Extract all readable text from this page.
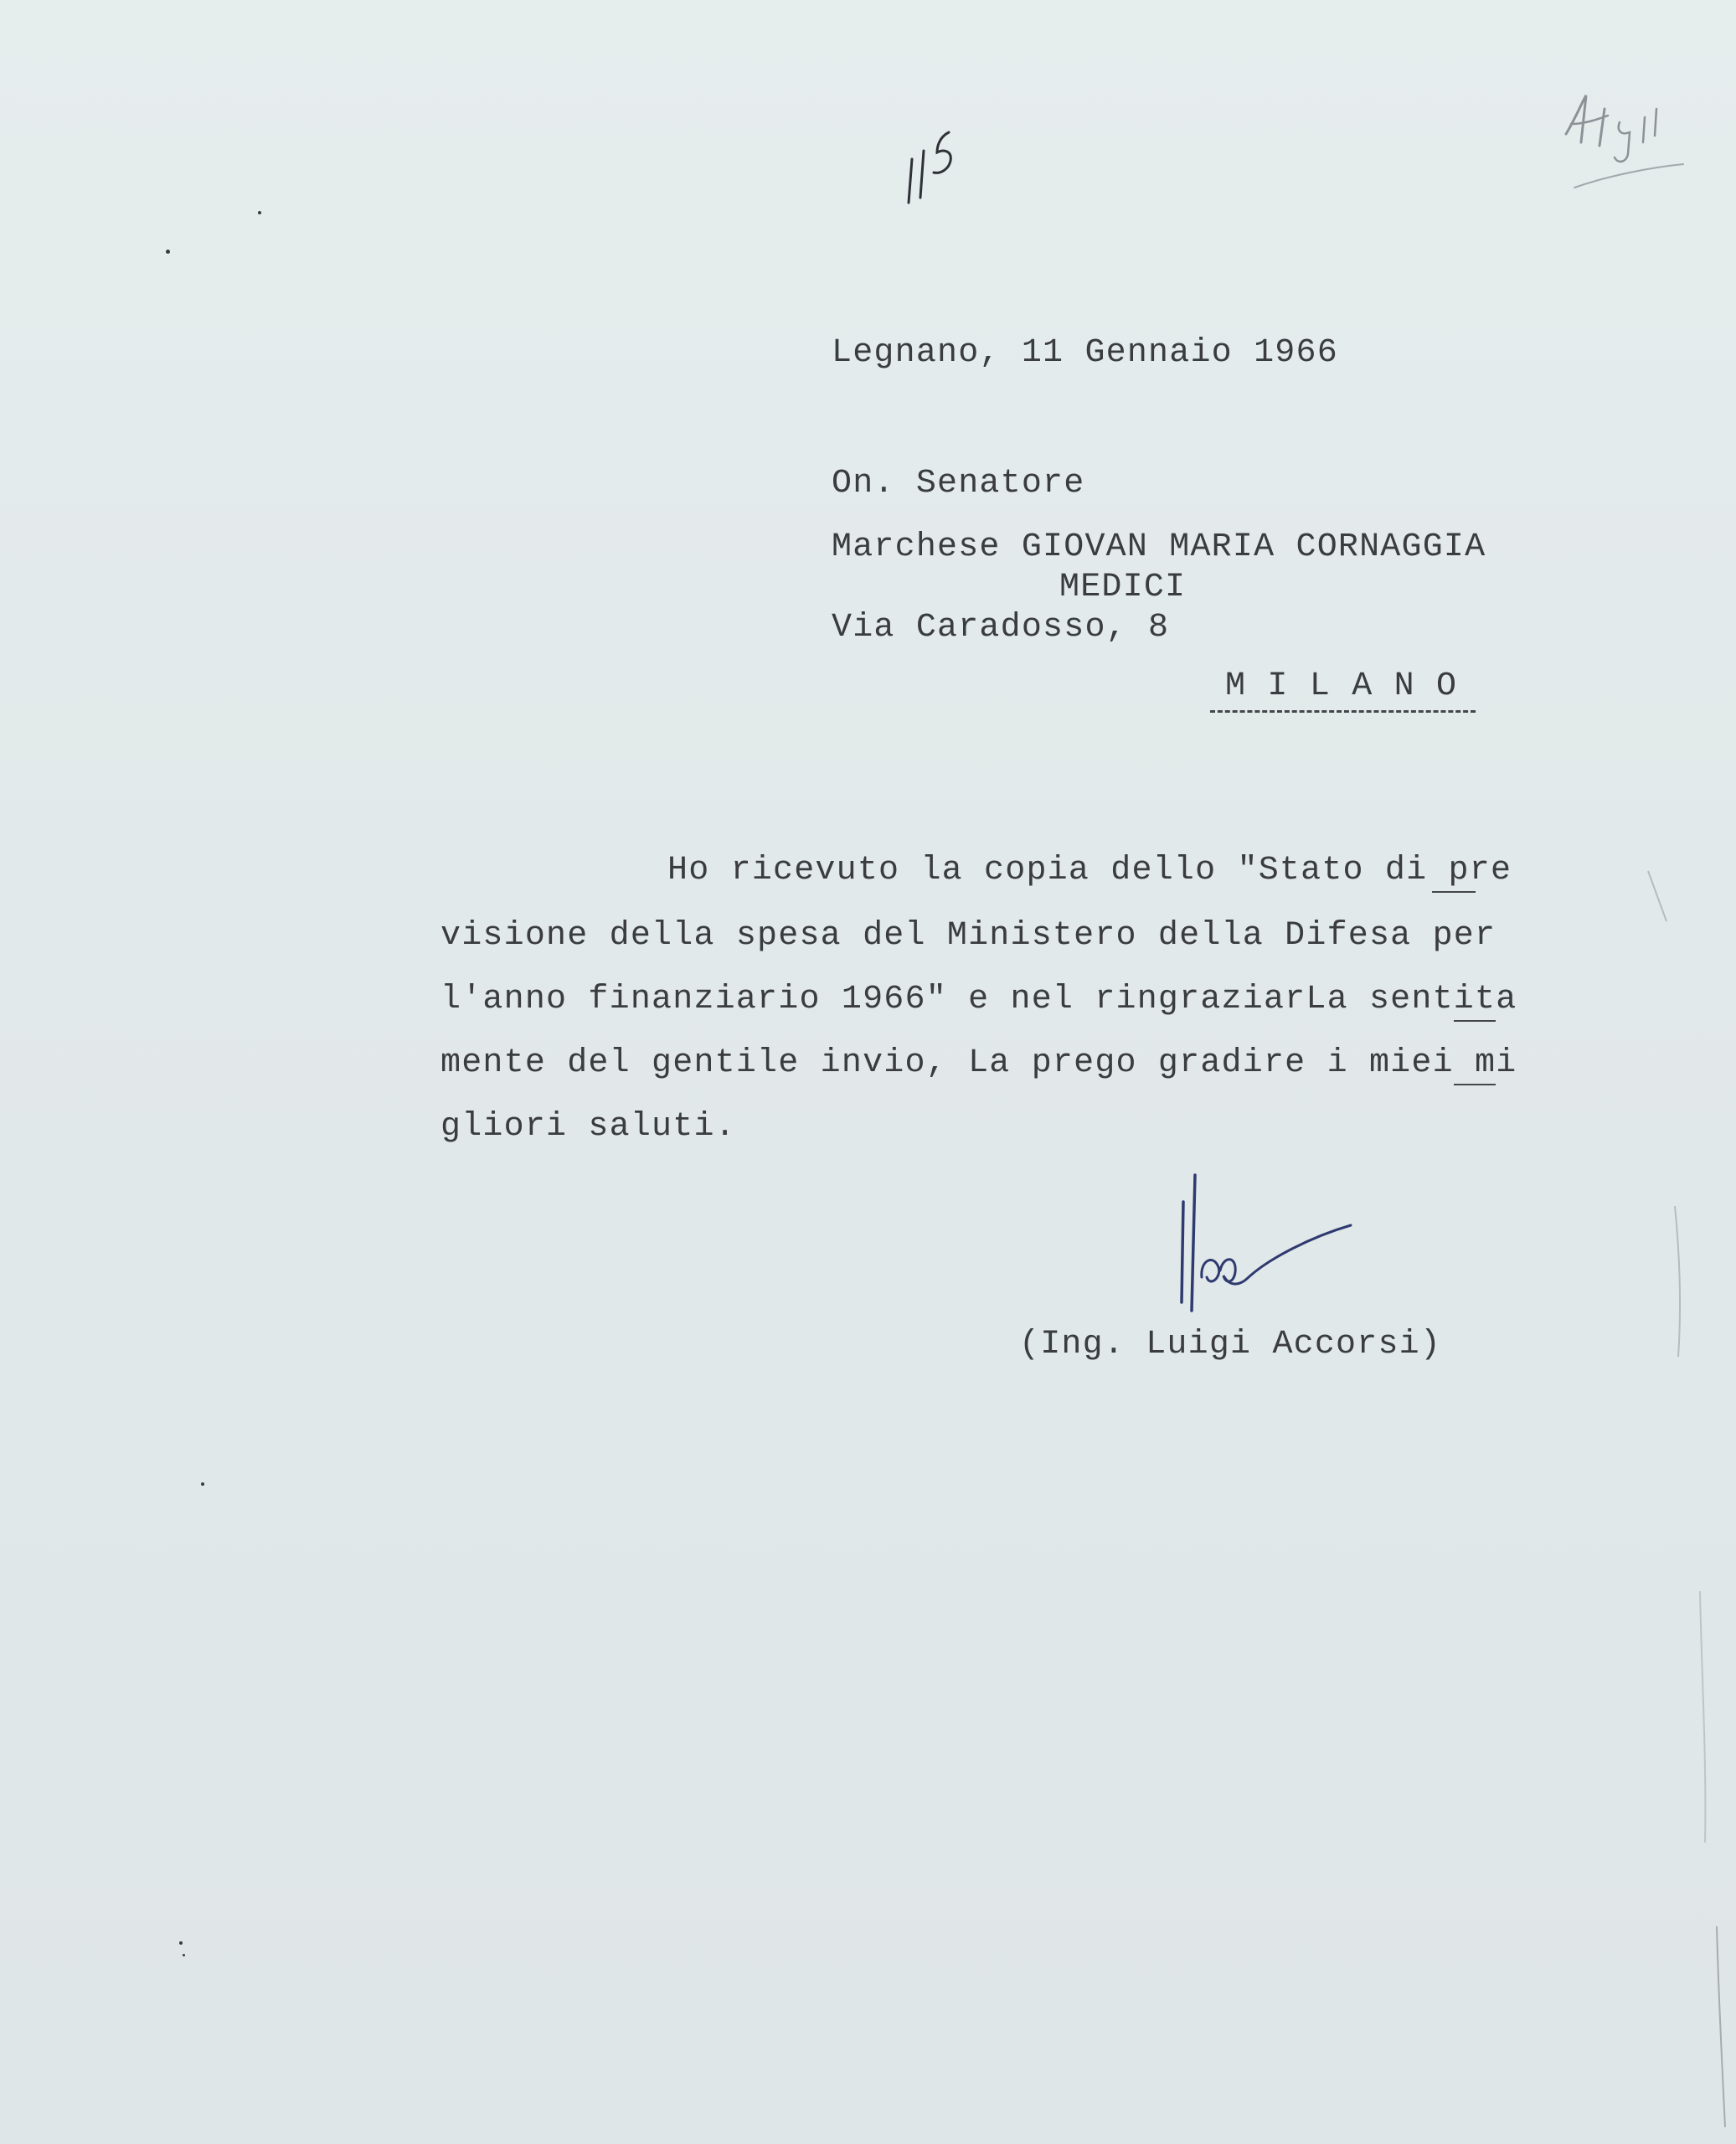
Legnano, 11 Gennaio 1966
On. Senatore
Marchese GIOVAN MARIA CORNAGGIA
MEDICI
Via Caradosso, 8
M I L A N O
Ho ricevuto la copia dello "Stato di pre
visione della spesa del Ministero della Difesa per
l'anno finanziario 1966" e nel ringraziarLa sentita
mente del gentile invio, La prego gradire i miei mi
gliori saluti.
(Ing. Luigi Accorsi)
